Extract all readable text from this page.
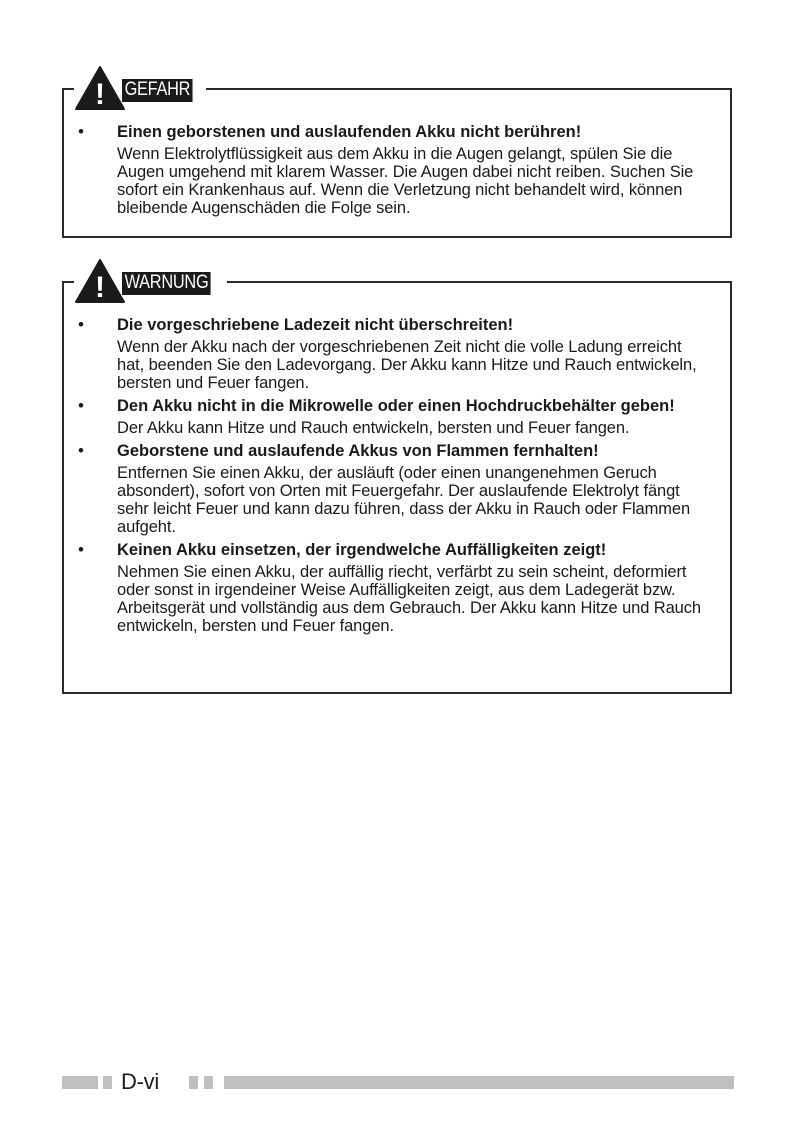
! GEFAHR
• Einen geborstenen und auslaufenden Akku nicht berühren!

Wenn Elektrolytflüssigkeit aus dem Akku in die Augen gelangt, spülen Sie die Augen umgehend mit klarem Wasser. Die Augen dabei nicht reiben. Suchen Sie sofort ein Krankenhaus auf. Wenn die Verletzung nicht behandelt wird, können bleibende Augenschäden die Folge sein.

! WARNUNG
• Die vorgeschriebene Ladezeit nicht überschreiten!

Wenn der Akku nach der vorgeschriebenen Zeit nicht die volle Ladung erreicht hat, beenden Sie den Ladevorgang. Der Akku kann Hitze und Rauch entwickeln, bersten und Feuer fangen.

• Den Akku nicht in die Mikrowelle oder einen Hochdruckbehälter geben!

Der Akku kann Hitze und Rauch entwickeln, bersten und Feuer fangen.

• Geborstene und auslaufende Akkus von Flammen fernhalten!

Entfernen Sie einen Akku, der ausläuft (oder einen unangenehmen Geruch absondert), sofort von Orten mit Feuergefahr. Der auslaufende Elektrolyt fängt sehr leicht Feuer und kann dazu führen, dass der Akku in Rauch oder Flammen aufgeht.

• Keinen Akku einsetzen, der irgendwelche Auffälligkeiten zeigt!

Nehmen Sie einen Akku, der auffällig riecht, verfärbt zu sein scheint, deformiert oder sonst in irgendeiner Weise Auffälligkeiten zeigt, aus dem Ladegerät bzw. Arbeitsgerät und vollständig aus dem Gebrauch. Der Akku kann Hitze und Rauch entwickeln, bersten und Feuer fangen.

D-vi
